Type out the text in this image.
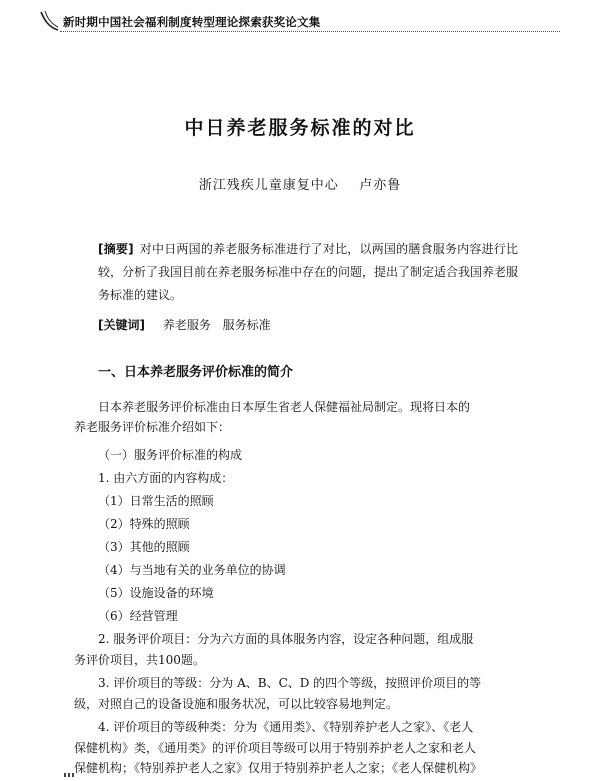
新时期中国社会福利制度转型理论探索获奖论文集
中日养老服务标准的对比
浙江残疾儿童康复中心    卢亦鲁
[摘要] 对中日两国的养老服务标准进行了对比，以两国的膳食服务内容进行比较，分析了我国目前在养老服务标准中存在的问题，提出了制定适合我国养老服务标准的建议。
[关键词] 养老服务 服务标准
一、日本养老服务评价标准的简介
日本养老服务评价标准由日本厚生省老人保健福祉局制定。现将日本的
养老服务评价标准介绍如下：
（一）服务评价标准的构成
1. 由六方面的内容构成：
（1）日常生活的照顾
（2）特殊的照顾
（3）其他的照顾
（4）与当地有关的业务单位的协调
（5）设施设备的环境
（6）经营管理
2. 服务评价项目：分为六方面的具体服务内容，设定各种问题，组成服
务评价项目，共100题。
3. 评价项目的等级：分为 A、B、C、D 的四个等级，按照评价项目的等
级，对照自己的设备设施和服务状况，可以比较容易地判定。
4. 评价项目的等级种类：分为《通用类》、《特别养护老人之家》、《老人
保健机构》类，《通用类》的评价项目等级可以用于特别养护老人之家和老人
保健机构；《特别养护老人之家》仅用于特别养护老人之家；《老人保健机构》
